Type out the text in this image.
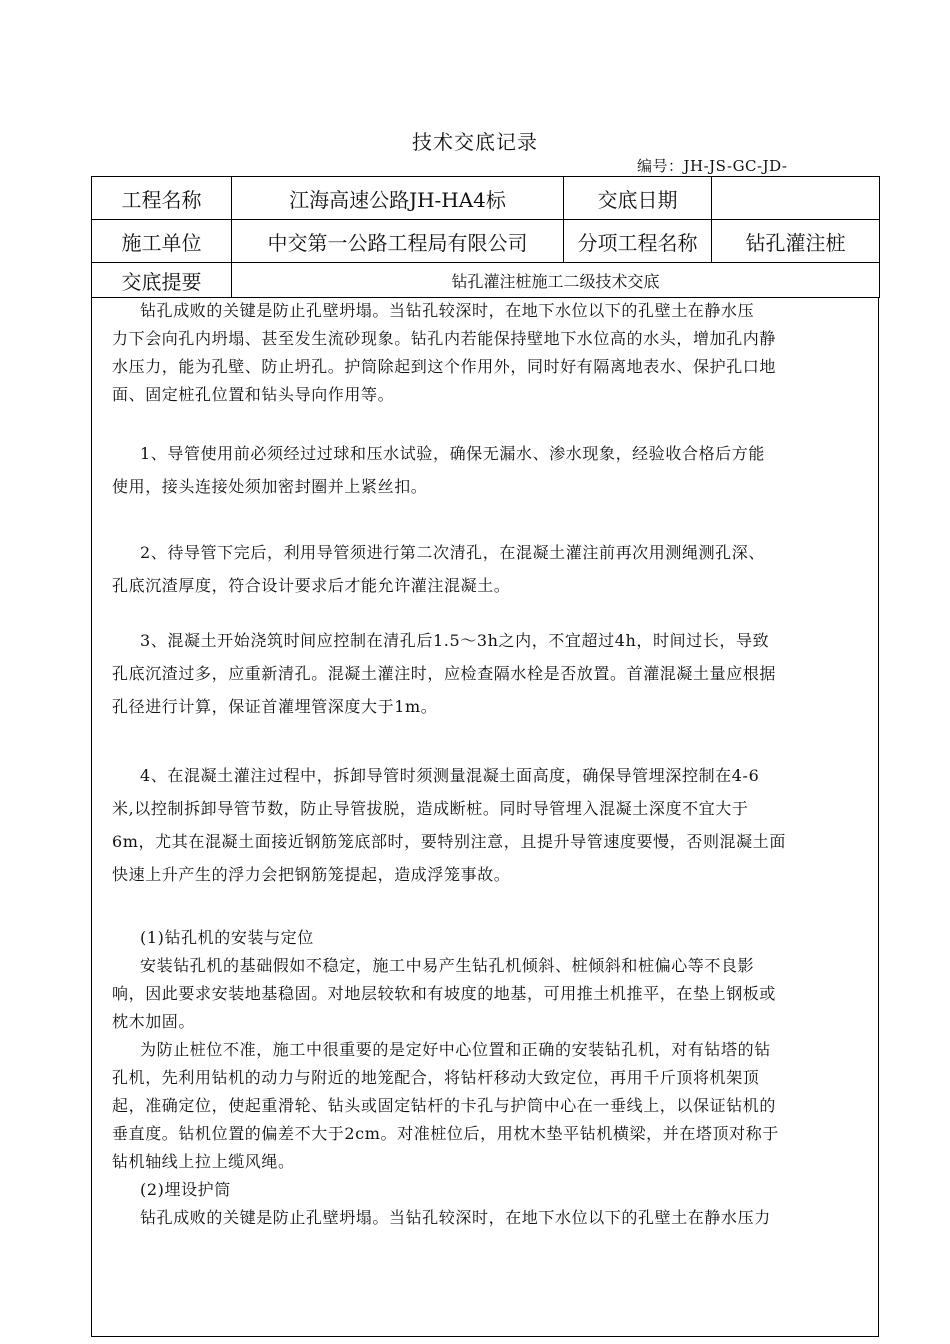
技术交底记录
编号：JH-JS-GC-JD-
工程名称	江海高速公路JH-HA4标	交底日期	
施工单位	中交第一公路工程局有限公司	分项工程名称	钻孔灌注桩
交底提要	钻孔灌注桩施工二级技术交底		
钻孔成败的关键是防止孔壁坍塌。当钻孔较深时，在地下水位以下的孔壁土在静水压
力下会向孔内坍塌、甚至发生流砂现象。钻孔内若能保持壁地下水位高的水头，增加孔内静
水压力，能为孔壁、防止坍孔。护筒除起到这个作用外，同时好有隔离地表水、保护孔口地
面、固定桩孔位置和钻头导向作用等。
1、导管使用前必须经过过球和压水试验，确保无漏水、渗水现象，经验收合格后方能
使用，接头连接处须加密封圈并上紧丝扣。
2、待导管下完后，利用导管须进行第二次清孔，在混凝土灌注前再次用测绳测孔深、
孔底沉渣厚度，符合设计要求后才能允许灌注混凝土。
3、混凝土开始浇筑时间应控制在清孔后1.5～3h之内，不宜超过4h，时间过长，导致
孔底沉渣过多，应重新清孔。混凝土灌注时，应检查隔水栓是否放置。首灌混凝土量应根据
孔径进行计算，保证首灌埋管深度大于1m。
4、在混凝土灌注过程中，拆卸导管时须测量混凝土面高度，确保导管埋深控制在4-6
米,以控制拆卸导管节数，防止导管拔脱，造成断桩。同时导管埋入混凝土深度不宜大于
6m，尤其在混凝土面接近钢筋笼底部时，要特别注意，且提升导管速度要慢，否则混凝土面
快速上升产生的浮力会把钢筋笼提起，造成浮笼事故。
(1)钻孔机的安装与定位
安装钻孔机的基础假如不稳定，施工中易产生钻孔机倾斜、桩倾斜和桩偏心等不良影
响，因此要求安装地基稳固。对地层较软和有坡度的地基，可用推土机推平，在垫上钢板或
枕木加固。
为防止桩位不准，施工中很重要的是定好中心位置和正确的安装钻孔机，对有钻塔的钻
孔机，先利用钻机的动力与附近的地笼配合，将钻杆移动大致定位，再用千斤顶将机架顶
起，准确定位，使起重滑轮、钻头或固定钻杆的卡孔与护筒中心在一垂线上，以保证钻机的
垂直度。钻机位置的偏差不大于2cm。对准桩位后，用枕木垫平钻机横梁，并在塔顶对称于
钻机轴线上拉上缆风绳。
(2)埋设护筒
钻孔成败的关键是防止孔壁坍塌。当钻孔较深时，在地下水位以下的孔壁土在静水压力
